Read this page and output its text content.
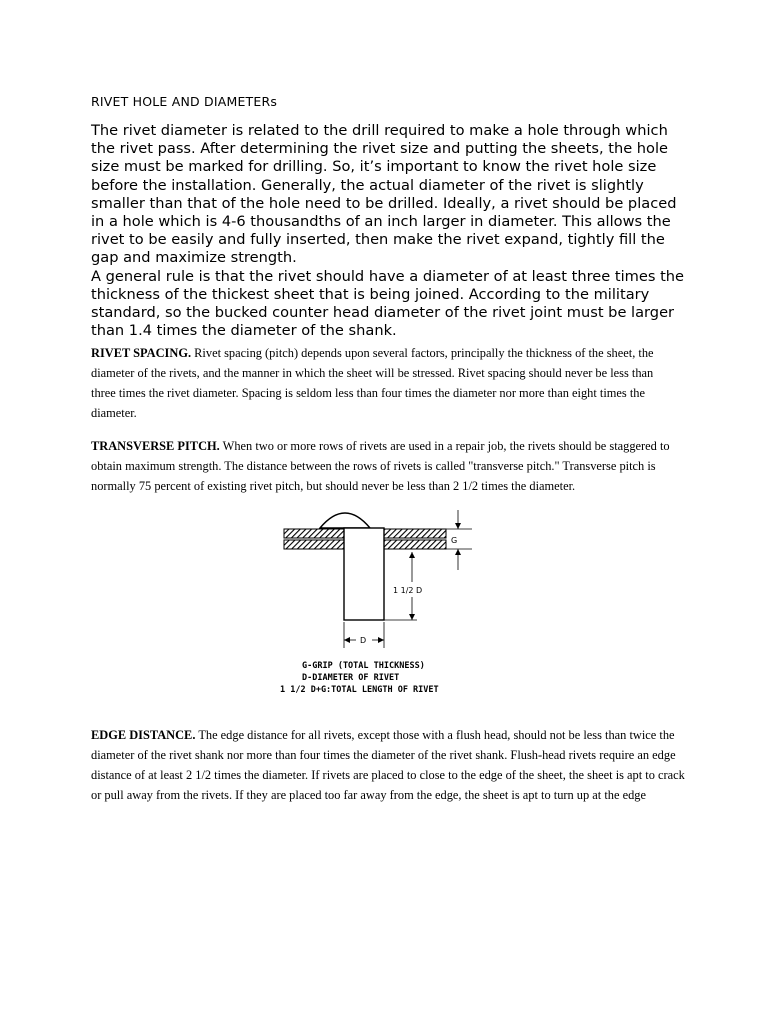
RIVET HOLE AND DIAMETERs

The rivet diameter is related to the drill required to make a hole through which the rivet pass. After determining the rivet size and putting the sheets, the hole size must be marked for drilling. So, it’s important to know the rivet hole size before the installation. Generally, the actual diameter of the rivet is slightly smaller than that of the hole need to be drilled. Ideally, a rivet should be placed in a hole which is 4-6 thousandths of an inch larger in diameter. This allows the rivet to be easily and fully inserted, then make the rivet expand, tightly fill the gap and maximize strength.

A general rule is that the rivet should have a diameter of at least three times the thickness of the thickest sheet that is being joined. According to the military standard, so the bucked counter head diameter of the rivet joint must be larger than 1.4 times the diameter of the shank.

RIVET SPACING. Rivet spacing (pitch) depends upon several factors, principally the thickness of the sheet, the diameter of the rivets, and the manner in which the sheet will be stressed. Rivet spacing should never be less than three times the rivet diameter. Spacing is seldom less than four times the diameter nor more than eight times the diameter.
TRANSVERSE PITCH. When two or more rows of rivets are used in a repair job, the rivets should be staggered to obtain maximum strength. The distance between the rows of rivets is called "transverse pitch." Transverse pitch is normally 75 percent of existing rivet pitch, but should never be less than 2 1/2 times the diameter.
G
1 1/2 D
D
G-GRIP (TOTAL THICKNESS)
D-DIAMETER OF RIVET
1 1/2 D+G:TOTAL LENGTH OF RIVET
EDGE DISTANCE. The edge distance for all rivets, except those with a flush head, should not be less than twice the diameter of the rivet shank nor more than four times the diameter of the rivet shank. Flush-head rivets require an edge distance of at least 2 1/2 times the diameter. If rivets are placed to close to the edge of the sheet, the sheet is apt to crack or pull away from the rivets. If they are placed too far away from the edge, the sheet is apt to turn up at the edge
